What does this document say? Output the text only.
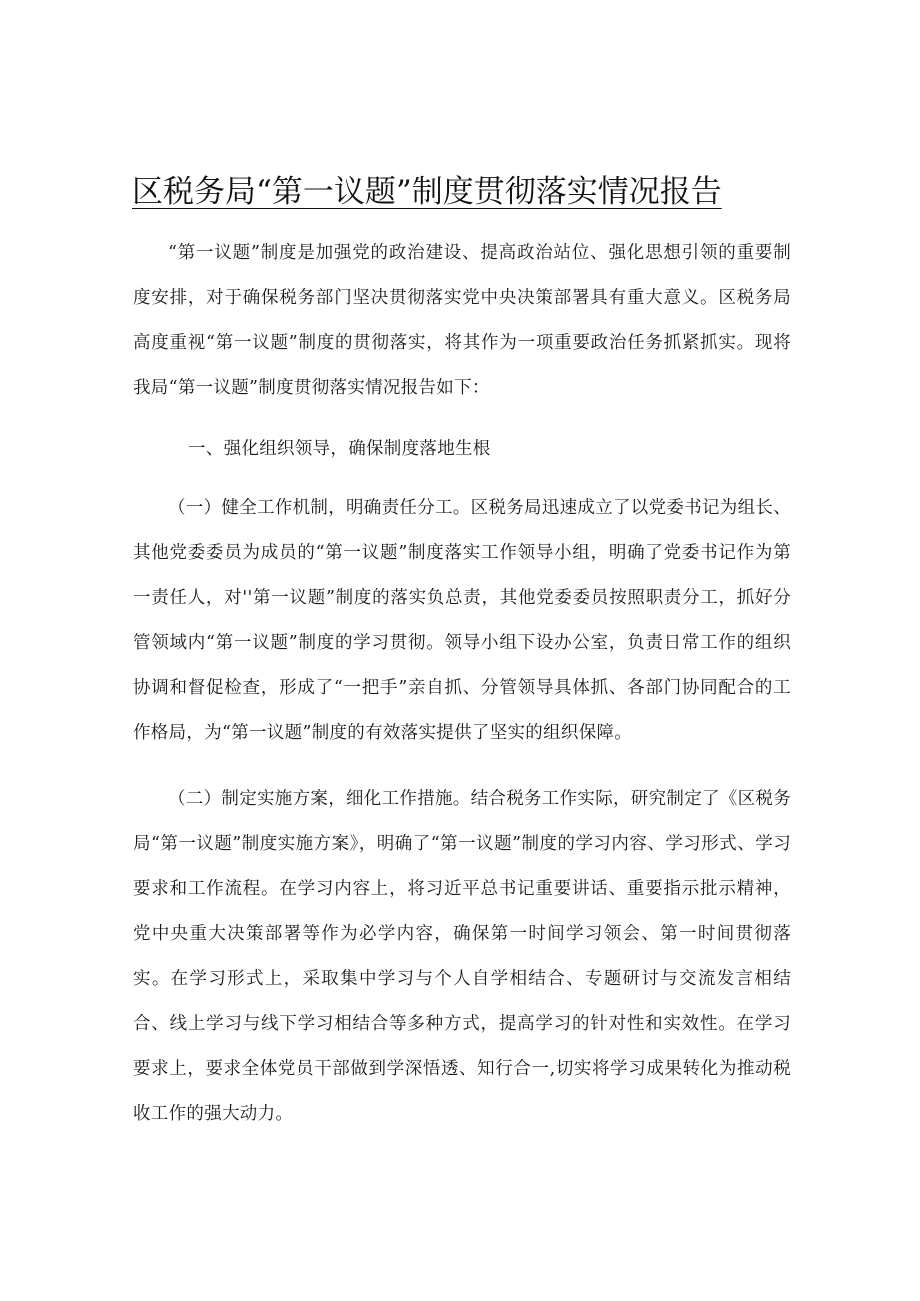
区税务局“第一议题”制度贯彻落实情况报告

“第一议题”制度是加强党的政治建设、提高政治站位、强化思想引领的重要制度安排，对于确保税务部门坚决贯彻落实党中央决策部署具有重大意义。区税务局高度重视“第一议题”制度的贯彻落实，将其作为一项重要政治任务抓紧抓实。现将我局“第一议题”制度贯彻落实情况报告如下：

一、强化组织领导，确保制度落地生根

（一）健全工作机制，明确责任分工。区税务局迅速成立了以党委书记为组长、其他党委委员为成员的“第一议题”制度落实工作领导小组，明确了党委书记作为第一责任人，对''第一议题”制度的落实负总责，其他党委委员按照职责分工，抓好分管领域内“第一议题”制度的学习贯彻。领导小组下设办公室，负责日常工作的组织协调和督促检查，形成了“一把手”亲自抓、分管领导具体抓、各部门协同配合的工作格局，为“第一议题”制度的有效落实提供了坚实的组织保障。

（二）制定实施方案，细化工作措施。结合税务工作实际，研究制定了《区税务局“第一议题”制度实施方案》，明确了“第一议题”制度的学习内容、学习形式、学习要求和工作流程。在学习内容上，将习近平总书记重要讲话、重要指示批示精神，党中央重大决策部署等作为必学内容，确保第一时间学习领会、第一时间贯彻落实。在学习形式上，采取集中学习与个人自学相结合、专题研讨与交流发言相结合、线上学习与线下学习相结合等多种方式，提高学习的针对性和实效性。在学习要求上，要求全体党员干部做到学深悟透、知行合一,切实将学习成果转化为推动税收工作的强大动力。
